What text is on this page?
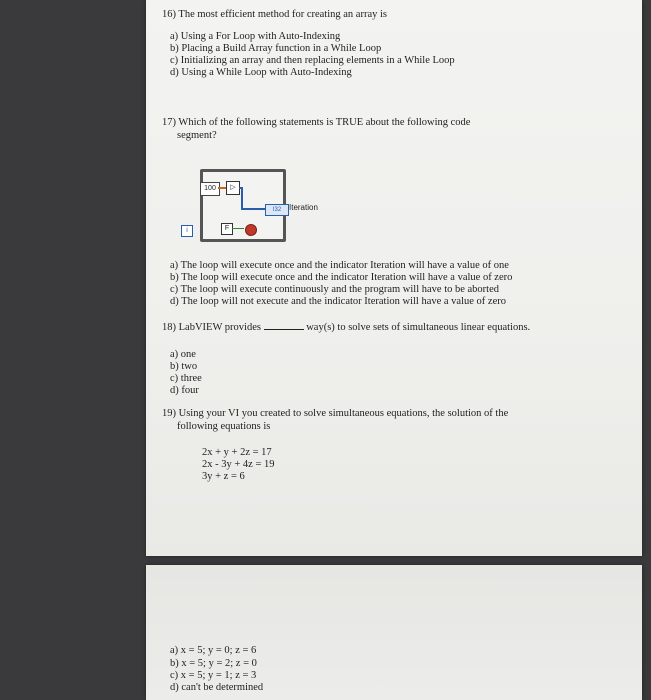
16) The most efficient method for creating an array is
a) Using a For Loop with Auto-Indexing
b) Placing a Build Array function in a While Loop
c) Initializing an array and then replacing elements in a While Loop
d) Using a While Loop with Auto-Indexing
17) Which of the following statements is TRUE about the following code
segment?
a) The loop will execute once and the indicator Iteration will have a value of one
b) The loop will execute once and the indicator Iteration will have a value of zero
c) The loop will execute continuously and the program will have to be aborted
d) The loop will not execute and the indicator Iteration will have a value of zero
18) LabVIEW provides	way(s) to solve sets of simultaneous linear equations.
a) one
b) two
c) three
d) four
19) Using your VI you created to solve simultaneous equations, the solution of the
following equations is
2x + y + 2z = 17
2x - 3y + 4z = 19
3y + z = 6
100	▷
I32 Iteration
i	F
a) x = 5; y = 0; z = 6
b) x = 5; y = 2; z = 0
c) x = 5; y = 1; z = 3
d) can't be determined
